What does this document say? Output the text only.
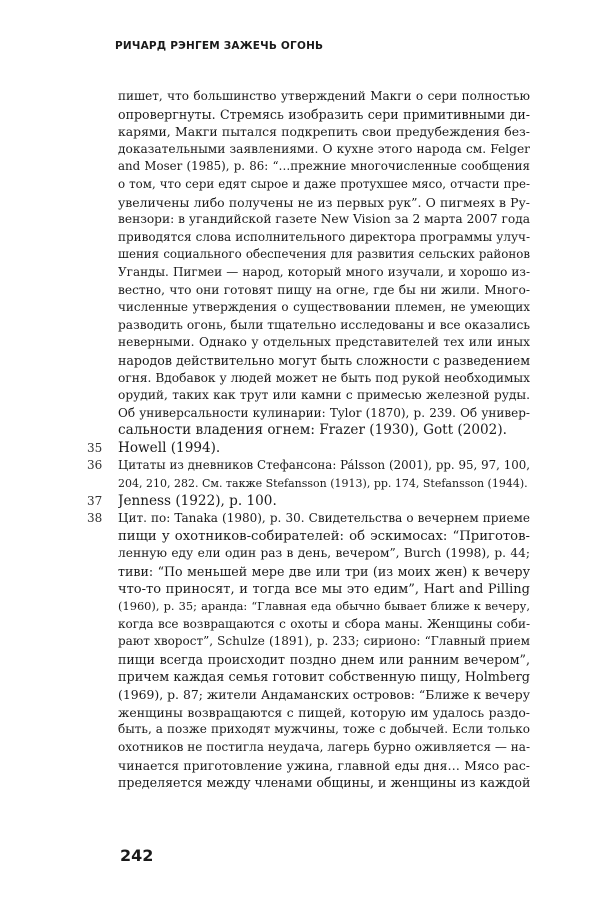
РИЧАРД РЭНГЕМ ЗАЖЕЧЬ ОГОНЬ
пишет, что большинство утверждений Макги о сери полностью
опровергнуты. Стремясь изобразить сери примитивными ди-
карями, Макги пытался подкрепить свои предубеждения без-
доказательными заявлениями. О кухне этого народа см. Felger
and Moser (1985), p. 86: “…прежние многочисленные сообщения
о том, что сери едят сырое и даже протухшее мясо, отчасти пре-
увеличены либо получены не из первых рук”. О пигмеях в Ру-
вензори: в угандийской газете New Vision за 2 марта 2007 года
приводятся слова исполнительного директора программы улуч-
шения социального обеспечения для развития сельских районов
Уганды. Пигмеи — народ, который много изучали, и хорошо из-
вестно, что они готовят пищу на огне, где бы ни жили. Много-
численные утверждения о существовании племен, не умеющих
разводить огонь, были тщательно исследованы и все оказались
неверными. Однако у отдельных представителей тех или иных
народов действительно могут быть сложности с разведением
огня. Вдобавок у людей может не быть под рукой необходимых
орудий, таких как трут или камни с примесью железной руды.
Об универсальности кулинарии: Tylor (1870), p. 239. Об универ-
сальности владения огнем: Frazer (1930), Gott (2002).
35 Howell (1994).
36 Цитаты из дневников Стефансона: Pálsson (2001), pp. 95, 97, 100,
204, 210, 282. См. также Stefansson (1913), pp. 174, Stefansson (1944).
37 Jenness (1922), p. 100.
38 Цит. по: Tanaka (1980), p. 30. Свидетельства о вечернем приеме
пищи у охотников-собирателей: об эскимосах: “Приготов-
ленную еду ели один раз в день, вечером”, Burch (1998), p. 44;
тиви: “По меньшей мере две или три (из моих жен) к вечеру
что-то приносят, и тогда все мы это едим”, Hart and Pilling
(1960), p. 35; аранда: “Главная еда обычно бывает ближе к вечеру,
когда все возвращаются с охоты и сбора маны. Женщины соби-
рают хворост”, Schulze (1891), p. 233; сирионо: “Главный прием
пищи всегда происходит поздно днем или ранним вечером”,
причем каждая семья готовит собственную пищу, Holmberg
(1969), p. 87; жители Андаманских островов: “Ближе к вечеру
женщины возвращаются с пищей, которую им удалось раздо-
быть, а позже приходят мужчины, тоже с добычей. Если только
охотников не постигла неудача, лагерь бурно оживляется — на-
чинается приготовление ужина, главной еды дня… Мясо рас-
пределяется между членами общины, и женщины из каждой
242
